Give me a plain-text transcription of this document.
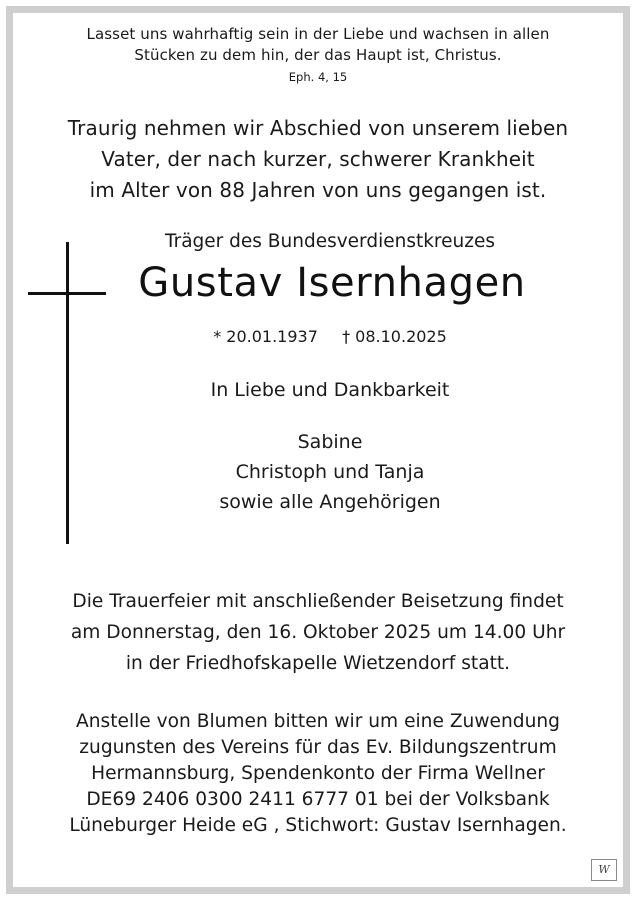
Lasset uns wahrhaftig sein in der Liebe und wachsen in allen

Stücken zu dem hin, der das Haupt ist, Christus.

Eph. 4, 15

Traurig nehmen wir Abschied von unserem lieben

Vater, der nach kurzer, schwerer Krankheit

im Alter von 88 Jahren von uns gegangen ist.

Träger des Bundesverdienstkreuzes

Gustav Isernhagen

* 20.01.1937 † 08.10.2025

In Liebe und Dankbarkeit

Sabine

Christoph und Tanja

sowie alle Angehörigen

Die Trauerfeier mit anschließender Beisetzung findet

am Donnerstag, den 16. Oktober 2025 um 14.00 Uhr

in der Friedhofskapelle Wietzendorf statt.

Anstelle von Blumen bitten wir um eine Zuwendung

zugunsten des Vereins für das Ev. Bildungszentrum

Hermannsburg, Spendenkonto der Firma Wellner

DE69 2406 0300 2411 6777 01 bei der Volksbank

Lüneburger Heide eG , Stichwort: Gustav Isernhagen.

W
